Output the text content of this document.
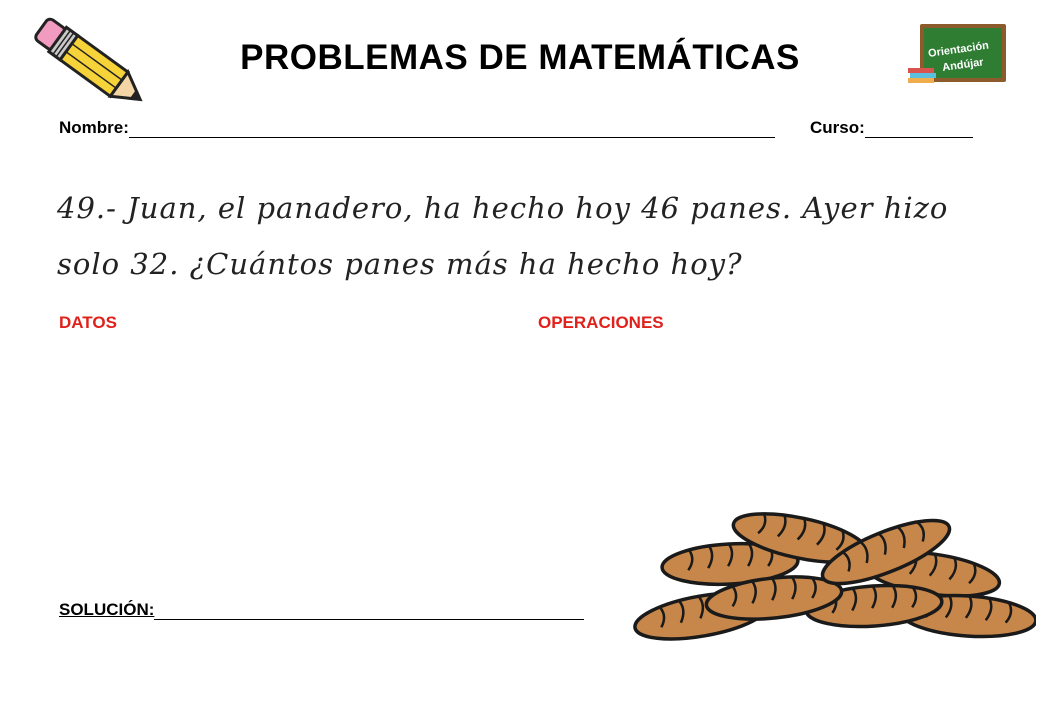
PROBLEMAS DE MATEMÁTICAS	Orientación
Andújar
Nombre:	Curso:
49.- Juan, el panadero, ha hecho hoy 46 panes. Ayer hizo
solo 32. ¿Cuántos panes más ha hecho hoy?
DATOS	OPERACIONES
SOLUCIÓN:
